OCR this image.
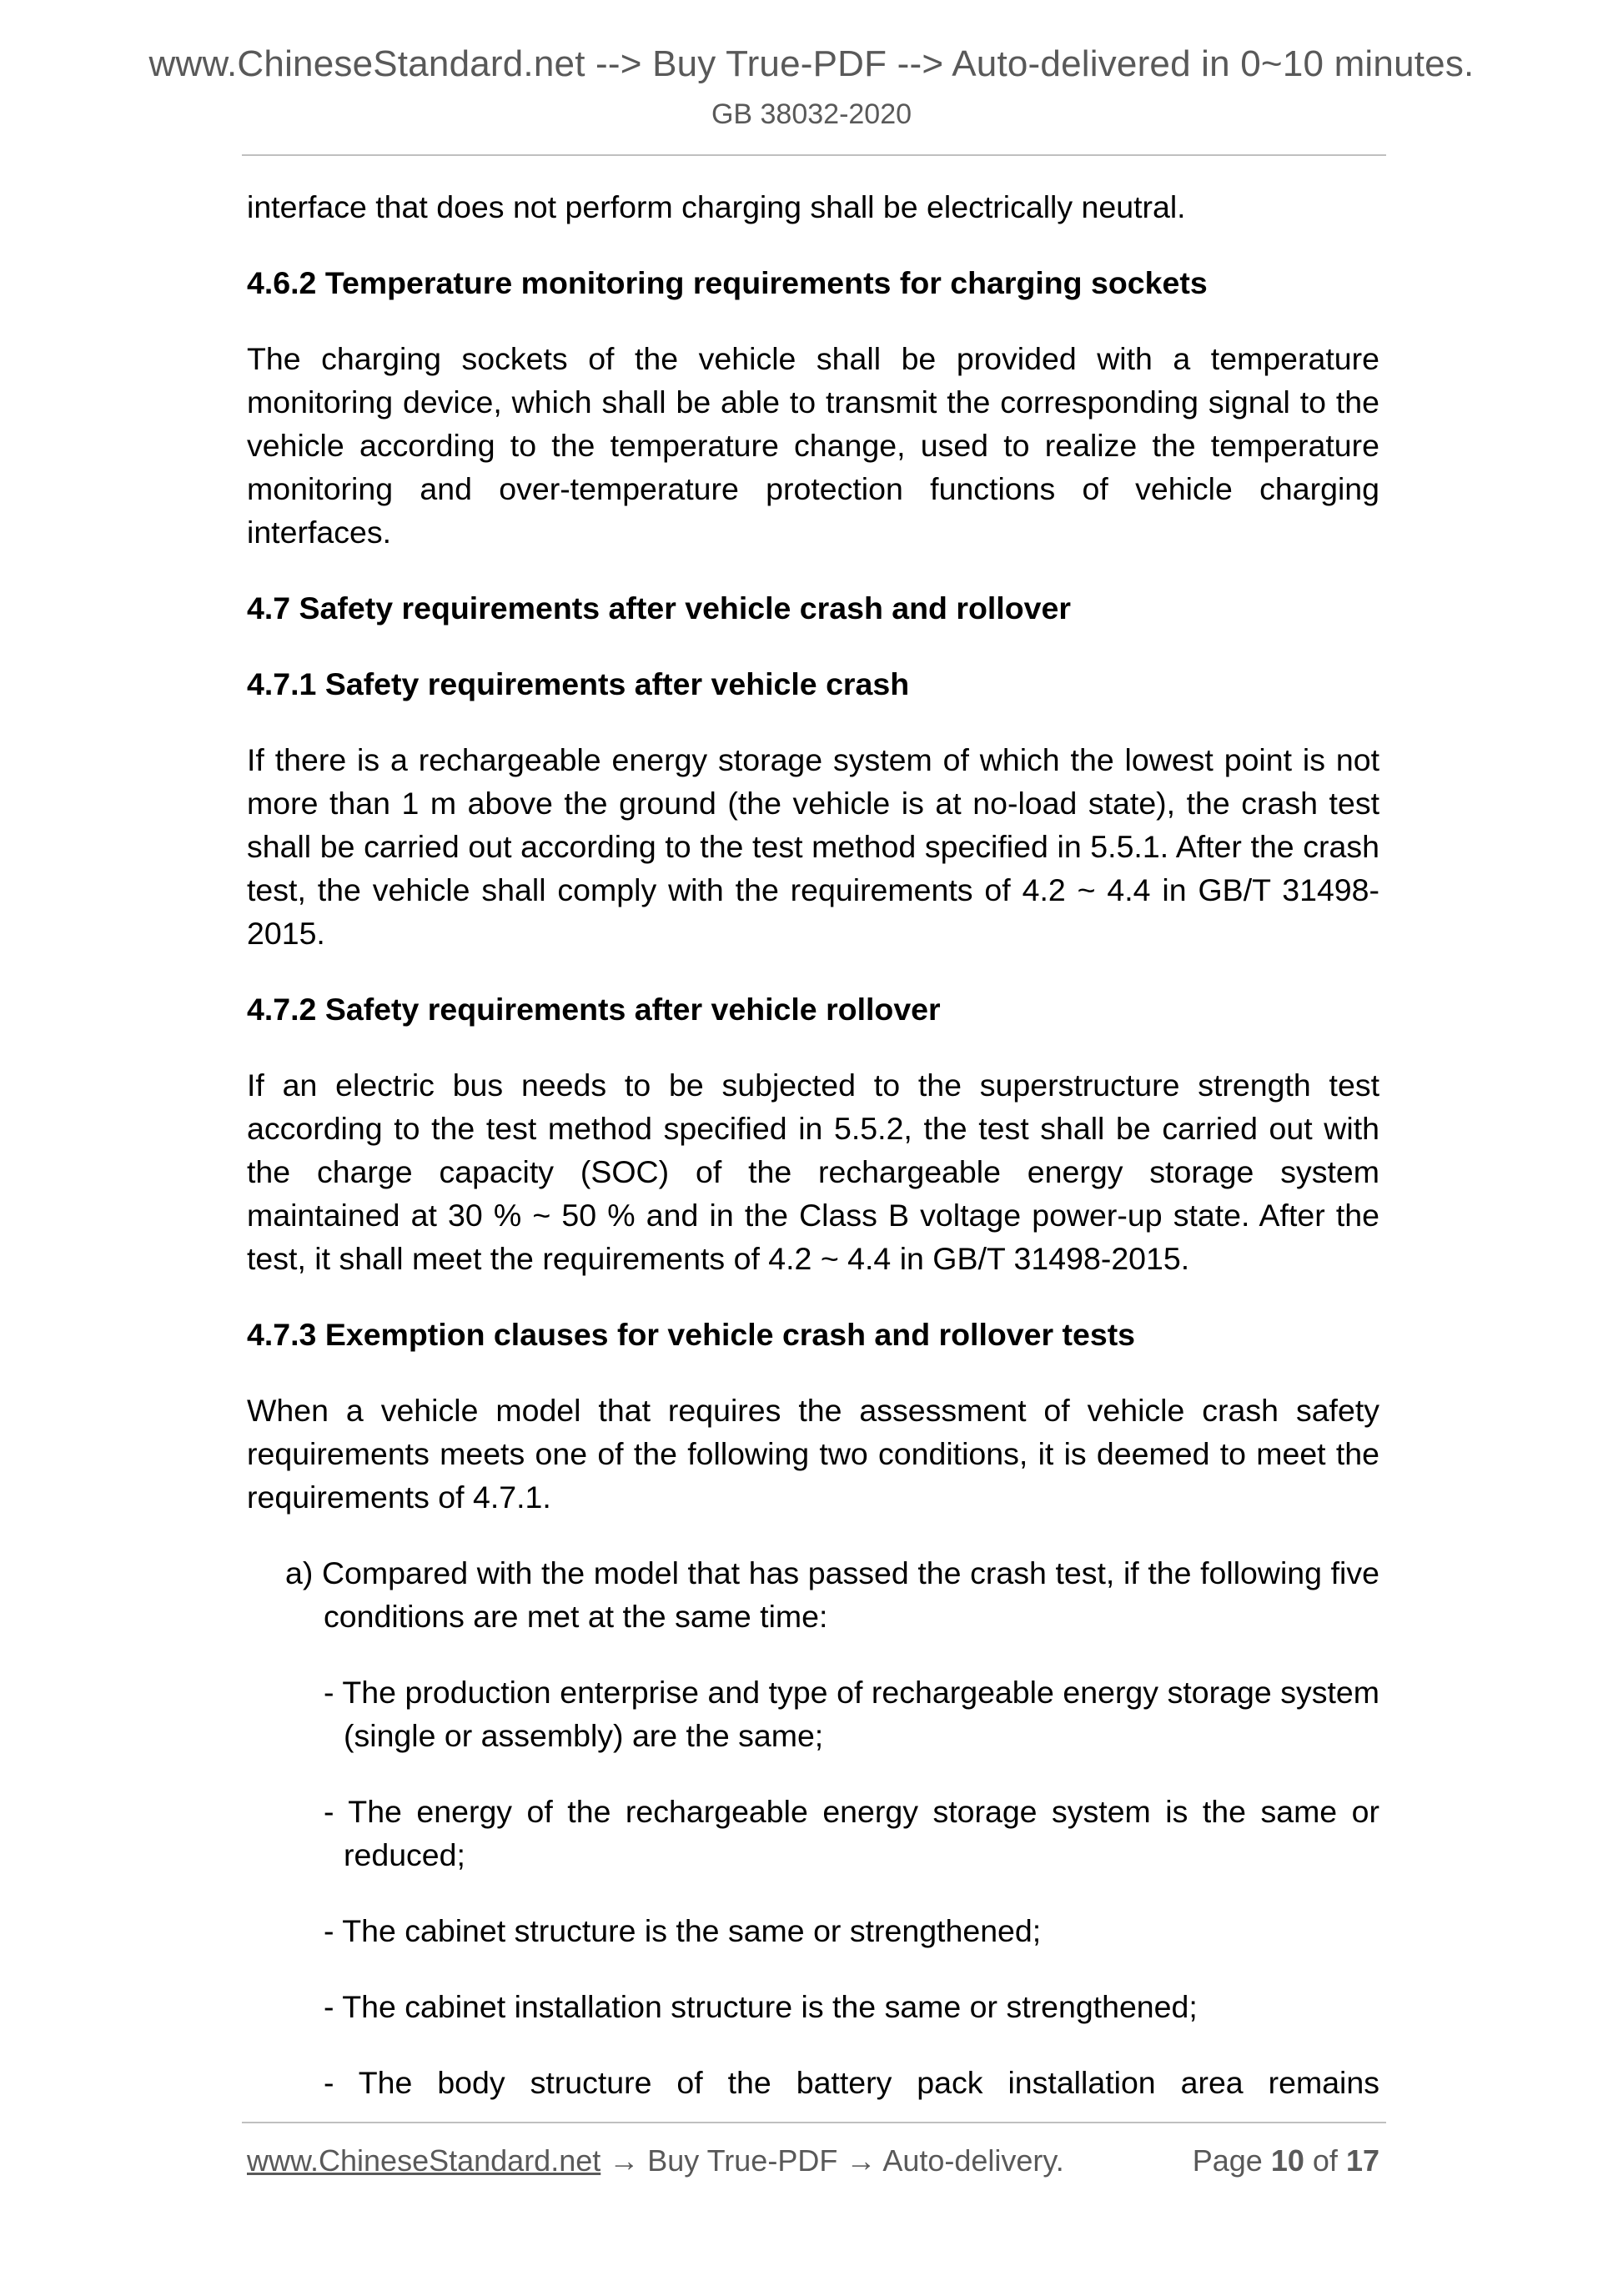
www.ChineseStandard.net --> Buy True-PDF --> Auto-delivered in 0~10 minutes.
GB 38032-2020

interface that does not perform charging shall be electrically neutral.

4.6.2 Temperature monitoring requirements for charging sockets

The charging sockets of the vehicle shall be provided with a temperature monitoring device, which shall be able to transmit the corresponding signal to the vehicle according to the temperature change, used to realize the temperature monitoring and over-temperature protection functions of vehicle charging interfaces.

4.7 Safety requirements after vehicle crash and rollover

4.7.1 Safety requirements after vehicle crash

If there is a rechargeable energy storage system of which the lowest point is not more than 1 m above the ground (the vehicle is at no-load state), the crash test shall be carried out according to the test method specified in 5.5.1. After the crash test, the vehicle shall comply with the requirements of 4.2 ~ 4.4 in GB/T 31498-2015.

4.7.2 Safety requirements after vehicle rollover

If an electric bus needs to be subjected to the superstructure strength test according to the test method specified in 5.5.2, the test shall be carried out with the charge capacity (SOC) of the rechargeable energy storage system maintained at 30 % ~ 50 % and in the Class B voltage power-up state. After the test, it shall meet the requirements of 4.2 ~ 4.4 in GB/T 31498-2015.

4.7.3 Exemption clauses for vehicle crash and rollover tests

When a vehicle model that requires the assessment of vehicle crash safety requirements meets one of the following two conditions, it is deemed to meet the requirements of 4.7.1.

a) Compared with the model that has passed the crash test, if the following five conditions are met at the same time:

- The production enterprise and type of rechargeable energy storage system (single or assembly) are the same;

- The energy of the rechargeable energy storage system is the same or reduced;

- The cabinet structure is the same or strengthened;

- The cabinet installation structure is the same or strengthened;

- The body structure of the battery pack installation area remains

www.ChineseStandard.net → Buy True-PDF → Auto-delivery.	Page 10 of 17
